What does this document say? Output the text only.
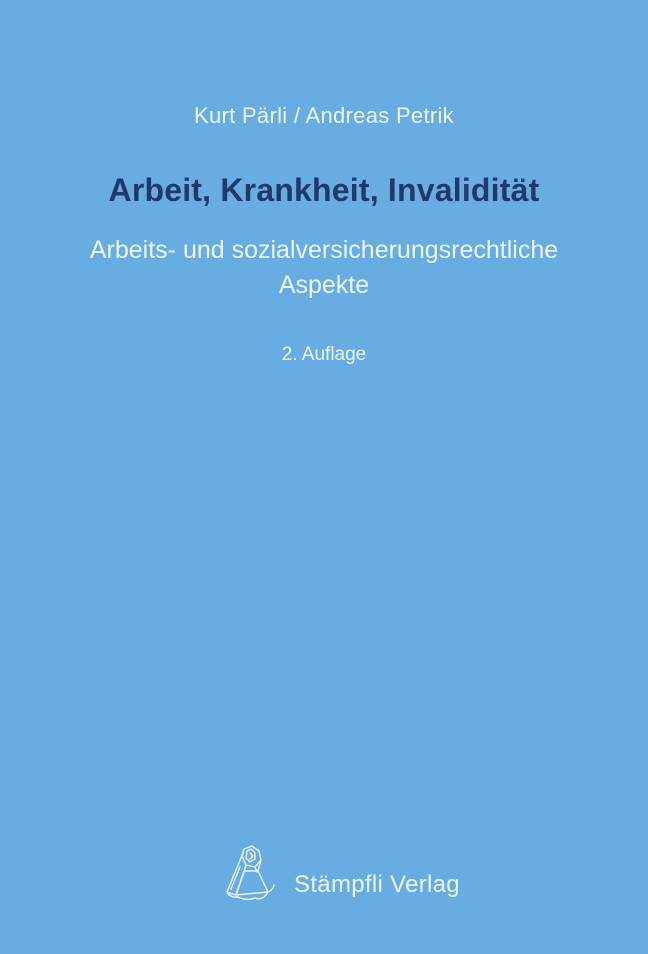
Kurt Pärli / Andreas Petrik
Arbeit, Krankheit, Invalidität
Arbeits- und sozialversicherungsrechtliche
Aspekte
2. Auflage
Stämpfli Verlag
